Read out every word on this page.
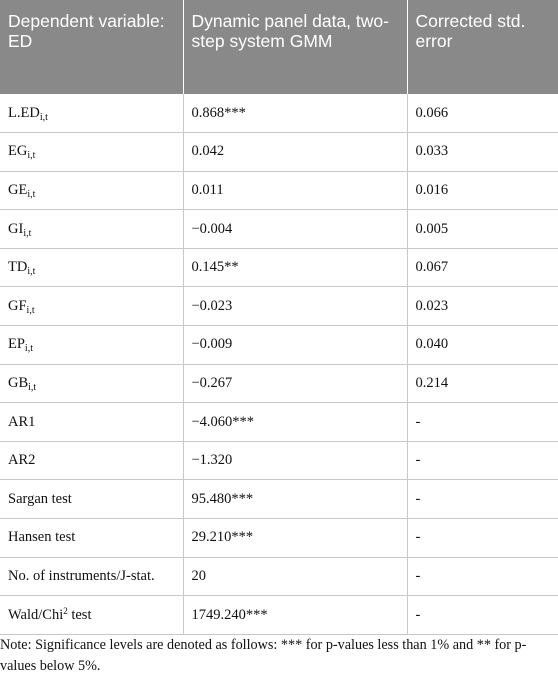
Dependent variable: ED	Dynamic panel data, two-step system GMM	Corrected std. error
$L.ED_{i,t}$	0.868***	0.066
$EG_{i,t}$	0.042	0.033
$GE_{i,t}$	0.011	0.016
$GI_{i,t}$	−0.004	0.005
$TD_{i,t}$	0.145**	0.067
$GF_{i,t}$	−0.023	0.023
$EP_{i,t}$	−0.009	0.040
$GB_{i,t}$	−0.267	0.214
AR1	−4.060***	-
AR2	−1.320	-
Sargan test	95.480***	-
Hansen test	29.210***	-
No. of instruments/J-stat.	20	-
Wald/Chi$^2$ test	1749.240***	-

Note: Significance levels are denoted as follows: *** for p-values less than 1% and ** for p-values below 5%.
